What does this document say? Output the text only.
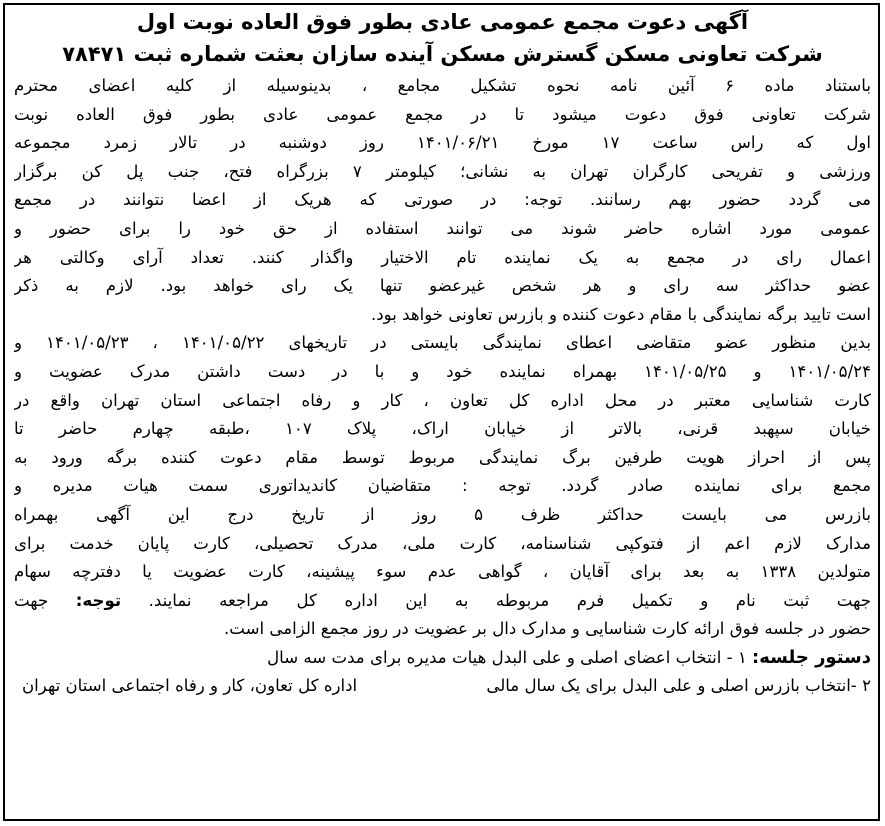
آگهی دعوت مجمع عمومی عادی بطور فوق العاده نوبت اول
شرکت تعاونی مسکن گسترش مسکن آینده سازان بعثت شماره ثبت ۷۸۴۷۱
باستناد ماده ۶ آئین نامه نحوه تشکیل مجامع ، بدینوسیله از کلیه اعضای محترم
شرکت تعاونی فوق دعوت میشود تا در مجمع عمومی عادی بطور فوق العاده نوبت
اول که راس ساعت ۱۷ مورخ ۱۴۰۱/۰۶/۲۱ روز دوشنبه در تالار زمرد مجموعه
ورزشی و تفریحی کارگران تهران به نشانی؛ کیلومتر ۷ بزرگراه فتح، جنب پل کن برگزار
می گردد حضور بهم رسانند. توجه: در صورتی که هریک از اعضا نتوانند در مجمع
عمومی مورد اشاره حاضر شوند می توانند استفاده از حق خود را برای حضور و
اعمال رای در مجمع به یک نماینده تام الاختیار واگذار کنند. تعداد آرای وکالتی هر
عضو حداکثر سه رای و هر شخص غیرعضو تنها یک رای خواهد بود. لازم به ذکر
است تایید برگه نمایندگی با مقام دعوت کننده و بازرس تعاونی خواهد بود.
بدین منظور عضو متقاضی اعطای نمایندگی بایستی در تاریخهای ۱۴۰۱/۰۵/۲۲ ، ۱۴۰۱/۰۵/۲۳ و
۱۴۰۱/۰۵/۲۴ و ۱۴۰۱/۰۵/۲۵ بهمراه نماینده خود و با در دست داشتن مدرک عضویت و
کارت شناسایی معتبر در محل اداره کل تعاون ، کار و رفاه اجتماعی استان تهران واقع در
خیابان سپهبد قرنی، بالاتر از خیابان اراک، پلاک ۱۰۷ ،طبقه چهارم حاضر تا
پس از احراز هویت طرفین برگ نمایندگی مربوط توسط مقام دعوت کننده برگه ورود به
مجمع برای نماینده صادر گردد. توجه : متقاضیان کاندیداتوری سمت هیات مدیره و
بازرس می بایست حداکثر ظرف ۵ روز از تاریخ درج این آگهی بهمراه
مدارک لازم اعم از فتوکپی شناسنامه، کارت ملی، مدرک تحصیلی، کارت پایان خدمت برای
متولدین ۱۳۳۸ به بعد برای آقایان ، گواهی عدم سوء پیشینه، کارت عضویت یا دفترچه سهام
جهت ثبت نام و تکمیل فرم مربوطه به این اداره کل مراجعه نمایند. توجه: جهت
حضور در جلسه فوق ارائه کارت شناسایی و مدارک دال بر عضویت در روز مجمع الزامی است.
دستور جلسه: ۱ - انتخاب اعضای اصلی و علی البدل هیات مدیره برای مدت سه سال
۲ -انتخاب بازرس اصلی و علی البدل برای یک سال مالی
اداره کل تعاون، کار و رفاه اجتماعی استان تهران
